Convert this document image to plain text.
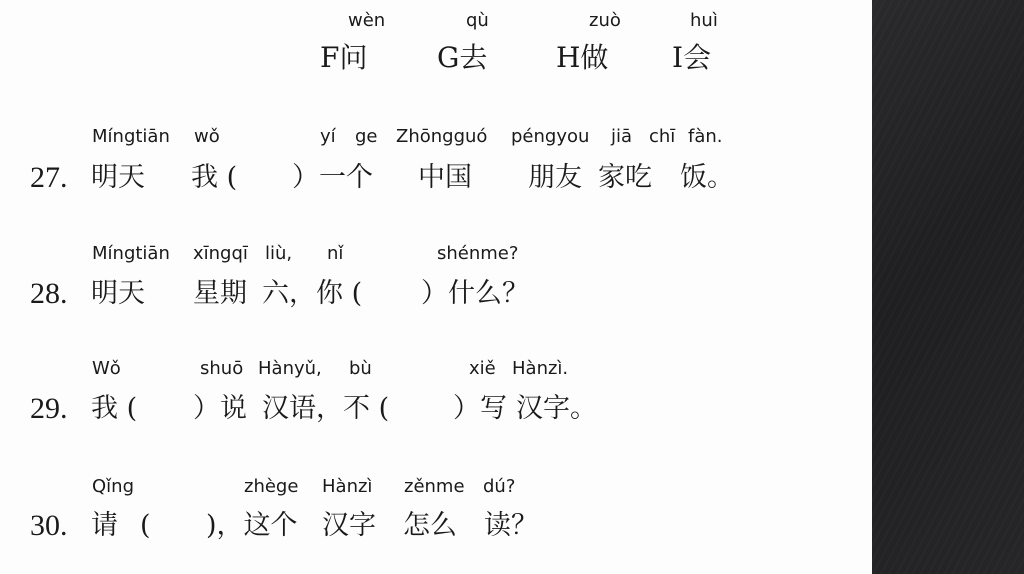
wèn	qù	zuò	huì
F问 G去 H做 I会
Míngtiān wǒ	yí ge Zhōngguó péngyou jiā chī fàn.
27. 明天 我 ( ）一个 中国 朋友 家吃 饭。
Míngtiān xīngqī liù, nǐ	shénme?
28. 明天 星期 六，你 ( ）什么？
Wǒ	shuō Hànyǔ, bù	xiě Hànzì.
29. 我 ( ）说 汉语，不 ( ）写 汉字。
Qǐng	zhège Hànzì zěnme dú?
30. 请 ( )，这个 汉字 怎么 读？
